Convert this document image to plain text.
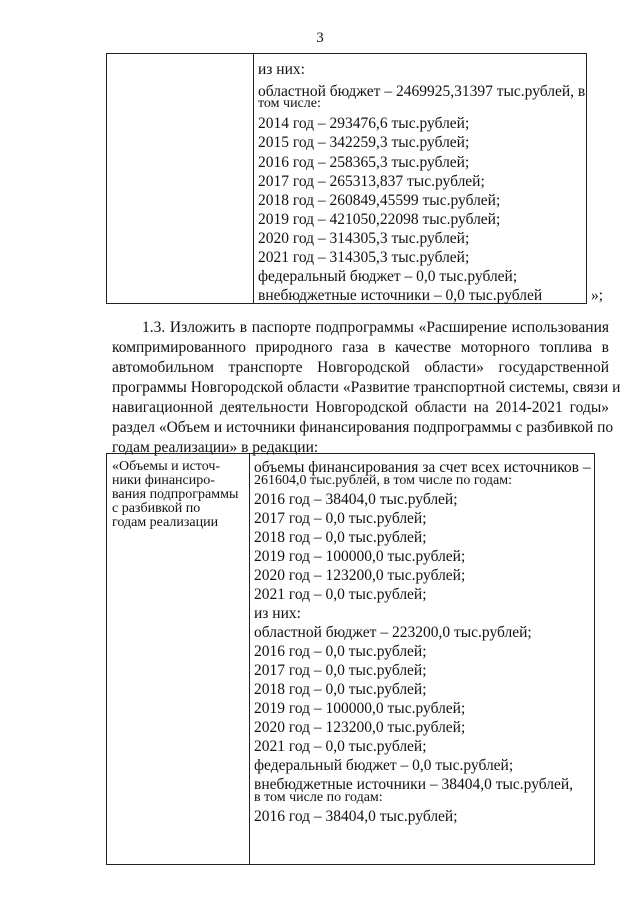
3
из них:
областной бюджет – 2469925,31397 тыс.рублей, в
том числе:
2014 год – 293476,6 тыс.рублей;
2015 год – 342259,3 тыс.рублей;
2016 год – 258365,3 тыс.рублей;
2017 год – 265313,837 тыс.рублей;
2018 год – 260849,45599 тыс.рублей;
2019 год – 421050,22098 тыс.рублей;
2020 год – 314305,3 тыс.рублей;
2021 год – 314305,3 тыс.рублей;
федеральный бюджет – 0,0 тыс.рублей;
внебюджетные источники – 0,0 тыс.рублей	»;
1.3. Изложить в паспорте подпрограммы «Расширение использования
компримированного природного газа в качестве моторного топлива в
автомобильном транспорте Новгородской области» государственной
программы Новгородской области «Развитие транспортной системы, связи и
навигационной деятельности Новгородской области на 2014-2021 годы»
раздел «Объем и источники финансирования подпрограммы с разбивкой по
годам реализации» в редакции:
«Объемы и источ-
ники финансиро-
вания подпрограммы
с разбивкой по
годам реализации
объемы финансирования за счет всех источников –
261604,0 тыс.рублей, в том числе по годам:
2016 год – 38404,0 тыс.рублей;
2017 год – 0,0 тыс.рублей;
2018 год – 0,0 тыс.рублей;
2019 год – 100000,0 тыс.рублей;
2020 год – 123200,0 тыс.рублей;
2021 год – 0,0 тыс.рублей;
из них:
областной бюджет – 223200,0 тыс.рублей;
2016 год – 0,0 тыс.рублей;
2017 год – 0,0 тыс.рублей;
2018 год – 0,0 тыс.рублей;
2019 год – 100000,0 тыс.рублей;
2020 год – 123200,0 тыс.рублей;
2021 год – 0,0 тыс.рублей;
федеральный бюджет – 0,0 тыс.рублей;
внебюджетные источники – 38404,0 тыс.рублей,
в том числе по годам:
2016 год – 38404,0 тыс.рублей;
